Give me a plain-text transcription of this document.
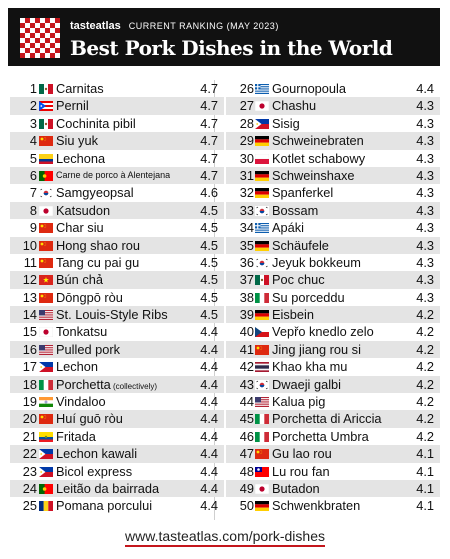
tasteatlas CURRENT RANKING (MAY 2023)
Best Pork Dishes in the World
1 Carnitas	4.7
2 Pernil	4.7
3 Cochinita pibil	4.7
4 Siu yuk	4.7
5 Lechona	4.7
6 Carne de porco à Alentejana 4.7
7 Samgyeopsal	4.6
8 Katsudon	4.5
9 Char siu	4.5
10 Hong shao rou	4.5
11 Tang cu pai gu	4.5
12 Bún chả	4.5
13 Dōngpō ròu	4.5
14 St. Louis-Style Ribs	4.5
15 Tonkatsu	4.4
16 Pulled pork	4.4
17 Lechon	4.4
18 Porchetta (collectively)	4.4
19 Vindaloo	4.4
20 Huí guō ròu	4.4
21 Fritada	4.4
22 Lechon kawali	4.4
23 Bicol express	4.4
24 Leitão da bairrada	4.4
25 Pomana porcului	4.4
26 Gournopoula	4.4
27 Chashu	4.3
28 Sisig	4.3
29 Schweinebraten	4.3
30 Kotlet schabowy	4.3
31 Schweinshaxe	4.3
32 Spanferkel	4.3
33 Bossam	4.3
34 Apáki	4.3
35 Schäufele	4.3
36 Jeyuk bokkeum	4.3
37 Poc chuc	4.3
38 Su porceddu	4.3
39 Eisbein	4.2
40 Vepřo knedlo zelo	4.2
41 Jing jiang rou si	4.2
42 Khao kha mu	4.2
43 Dwaeji galbi	4.2
44 Kalua pig	4.2
45 Porchetta di Ariccia	4.2
46 Porchetta Umbra	4.2
47 Gu lao rou	4.1
48 Lu rou fan	4.1
49 Butadon	4.1
50 Schwenkbraten	4.1
www.tasteatlas.com/pork-dishes
